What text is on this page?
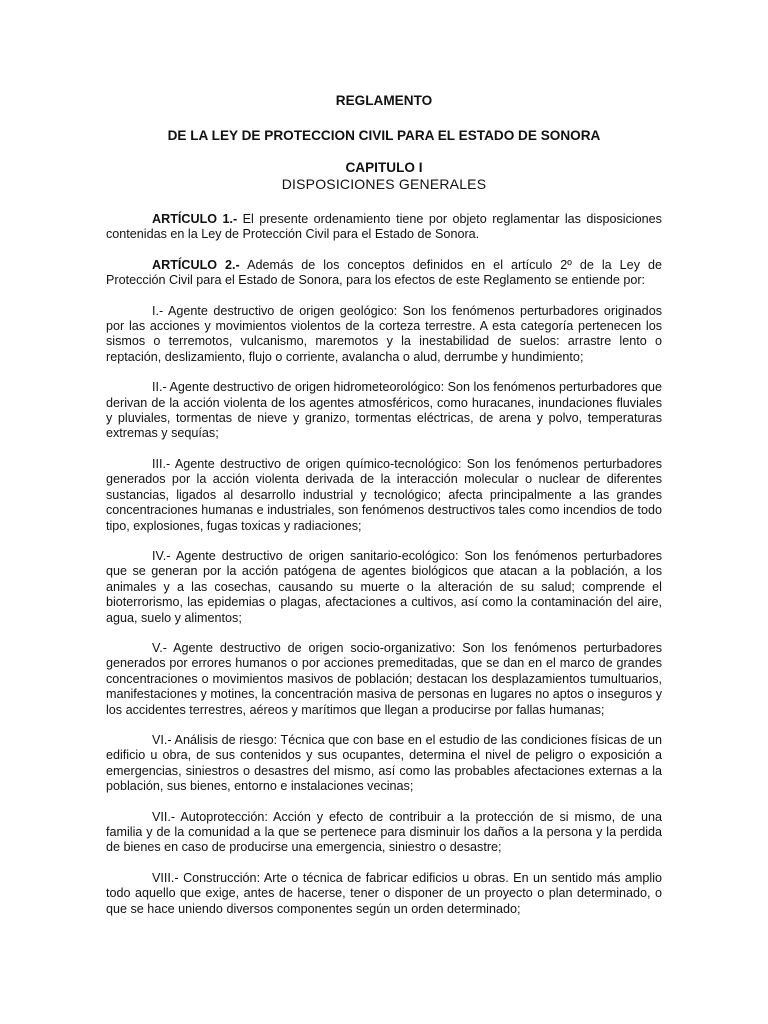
REGLAMENTO
DE LA LEY DE PROTECCION CIVIL PARA EL ESTADO DE SONORA
CAPITULO I
DISPOSICIONES GENERALES

ARTÍCULO 1.- El presente ordenamiento tiene por objeto reglamentar las disposiciones contenidas en la Ley de Protección Civil para el Estado de Sonora.

ARTÍCULO 2.- Además de los conceptos definidos en el artículo 2º de la Ley de Protección Civil para el Estado de Sonora, para los efectos de este Reglamento se entiende por:

I.- Agente destructivo de origen geológico: Son los fenómenos perturbadores originados por las acciones y movimientos violentos de la corteza terrestre. A esta categoría pertenecen los sismos o terremotos, vulcanismo, maremotos y la inestabilidad de suelos: arrastre lento o reptación, deslizamiento, flujo o corriente, avalancha o alud, derrumbe y hundimiento;

II.- Agente destructivo de origen hidrometeorológico: Son los fenómenos perturbadores que derivan de la acción violenta de los agentes atmosféricos, como huracanes, inundaciones fluviales y pluviales, tormentas de nieve y granizo, tormentas eléctricas, de arena y polvo, temperaturas extremas y sequías;

III.- Agente destructivo de origen químico-tecnológico: Son los fenómenos perturbadores generados por la acción violenta derivada de la interacción molecular o nuclear de diferentes sustancias, ligados al desarrollo industrial y tecnológico; afecta principalmente a las grandes concentraciones humanas e industriales, son fenómenos destructivos tales como incendios de todo tipo, explosiones, fugas toxicas y radiaciones;

IV.- Agente destructivo de origen sanitario-ecológico: Son los fenómenos perturbadores que se generan por la acción patógena de agentes biológicos que atacan a la población, a los animales y a las cosechas, causando su muerte o la alteración de su salud; comprende el bioterrorismo, las epidemias o plagas, afectaciones a cultivos, así como la contaminación del aire, agua, suelo y alimentos;

V.- Agente destructivo de origen socio-organizativo: Son los fenómenos perturbadores generados por errores humanos o por acciones premeditadas, que se dan en el marco de grandes concentraciones o movimientos masivos de población; destacan los desplazamientos tumultuarios, manifestaciones y motines, la concentración masiva de personas en lugares no aptos o inseguros y los accidentes terrestres, aéreos y marítimos que llegan a producirse por fallas humanas;

VI.- Análisis de riesgo: Técnica que con base en el estudio de las condiciones físicas de un edificio u obra, de sus contenidos y sus ocupantes, determina el nivel de peligro o exposición a emergencias, siniestros o desastres del mismo, así como las probables afectaciones externas a la población, sus bienes, entorno e instalaciones vecinas;

VII.- Autoprotección: Acción y efecto de contribuir a la protección de si mismo, de una familia y de la comunidad a la que se pertenece para disminuir los daños a la persona y la perdida de bienes en caso de producirse una emergencia, siniestro o desastre;

VIII.- Construcción: Arte o técnica de fabricar edificios u obras. En un sentido más amplio todo aquello que exige, antes de hacerse, tener o disponer de un proyecto o plan determinado, o que se hace uniendo diversos componentes según un orden determinado;
